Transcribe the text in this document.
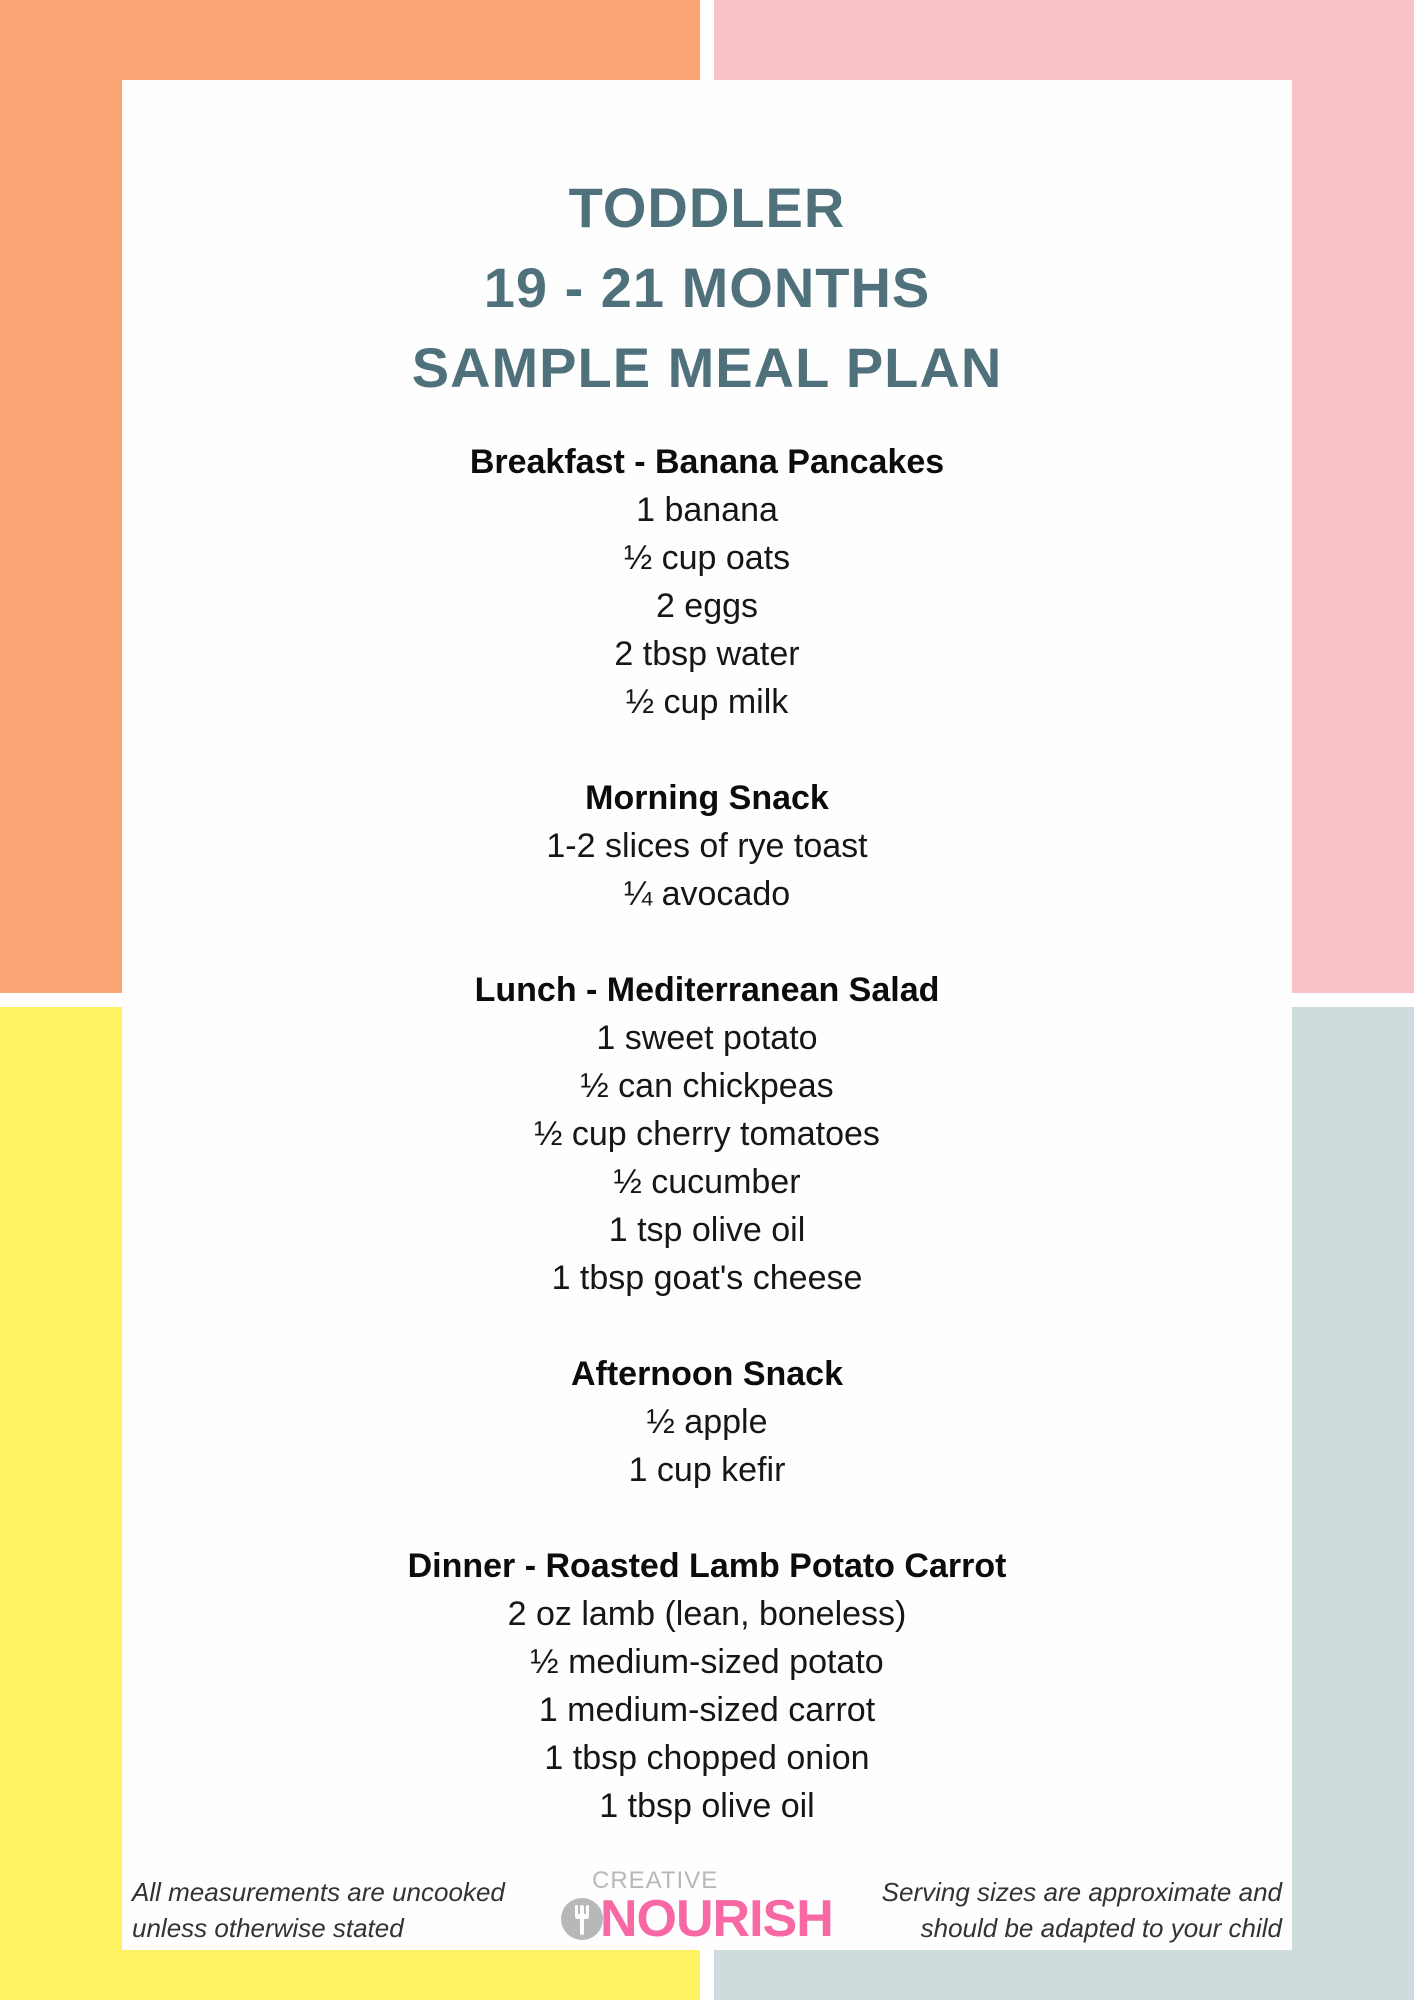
TODDLER
19 - 21 MONTHS
SAMPLE MEAL PLAN
Breakfast - Banana Pancakes
1 banana
½ cup oats
2 eggs
2 tbsp water
½ cup milk
Morning Snack
1-2 slices of rye toast
¼ avocado
Lunch - Mediterranean Salad
1 sweet potato
½ can chickpeas
½ cup cherry tomatoes
½ cucumber
1 tsp olive oil
1 tbsp goat's cheese
Afternoon Snack
½ apple
1 cup kefir
Dinner - Roasted Lamb Potato Carrot
2 oz lamb (lean, boneless)
½ medium-sized potato
1 medium-sized carrot
1 tbsp chopped onion
1 tbsp olive oil
All measurements are uncooked
unless otherwise stated
CREATIVE
NOURISH	Serving sizes are approximate and
should be adapted to your child
